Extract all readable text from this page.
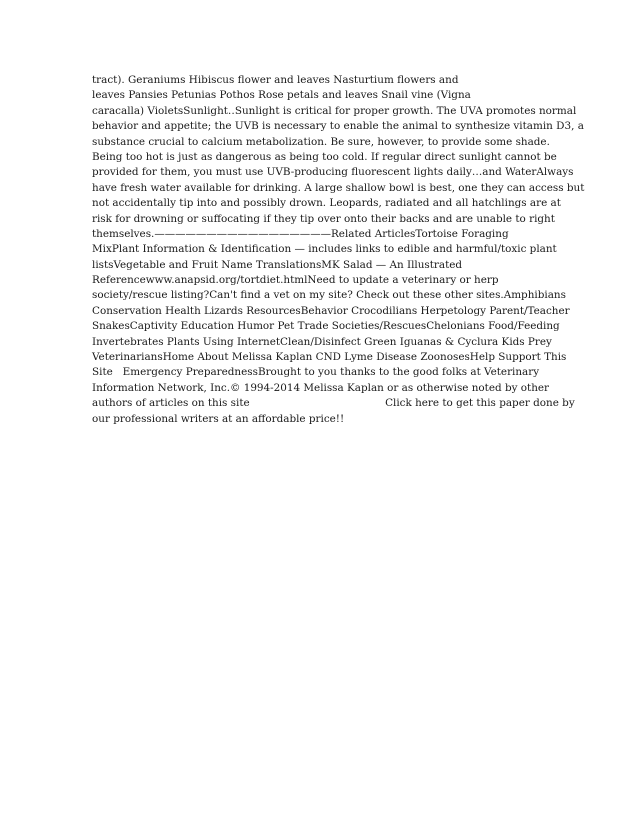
tract). Geraniums Hibiscus flower and leaves Nasturtium flowers and
leaves Pansies Petunias Pothos Rose petals and leaves Snail vine (Vigna
caracalla) VioletsSunlight‥Sunlight is critical for proper growth. The UVA promotes normal
behavior and appetite; the UVB is necessary to enable the animal to synthesize vitamin D3, a
substance crucial to calcium metabolization. Be sure, however, to provide some shade.
Being too hot is just as dangerous as being too cold. If regular direct sunlight cannot be
provided for them, you must use UVB-producing fluorescent lights daily…and WaterAlways
have fresh water available for drinking. A large shallow bowl is best, one they can access but
not accidentally tip into and possibly drown. Leopards, radiated and all hatchlings are at
risk for drowning or suffocating if they tip over onto their backs and are unable to right
themselves.—————————————————Related ArticlesTortoise Foraging
MixPlant Information & Identification — includes links to edible and harmful/toxic plant
listsVegetable and Fruit Name TranslationsMK Salad — An Illustrated
Referencewww.anapsid.org/tortdiet.htmlNeed to update a veterinary or herp
society/rescue listing?Can't find a vet on my site? Check out these other sites.Amphibians
Conservation Health Lizards ResourcesBehavior Crocodilians Herpetology Parent/Teacher
SnakesCaptivity Education Humor Pet Trade Societies/RescuesChelonians Food/Feeding
Invertebrates Plants Using InternetClean/Disinfect Green Iguanas & Cyclura Kids Prey
VeterinariansHome About Melissa Kaplan CND Lyme Disease ZoonosesHelp Support This
Site   Emergency PreparednessBrought to you thanks to the good folks at Veterinary
Information Network, Inc.© 1994-2014 Melissa Kaplan or as otherwise noted by other
authors of articles on this site                                         Click here to get this paper done by
our professional writers at an affordable price!!
